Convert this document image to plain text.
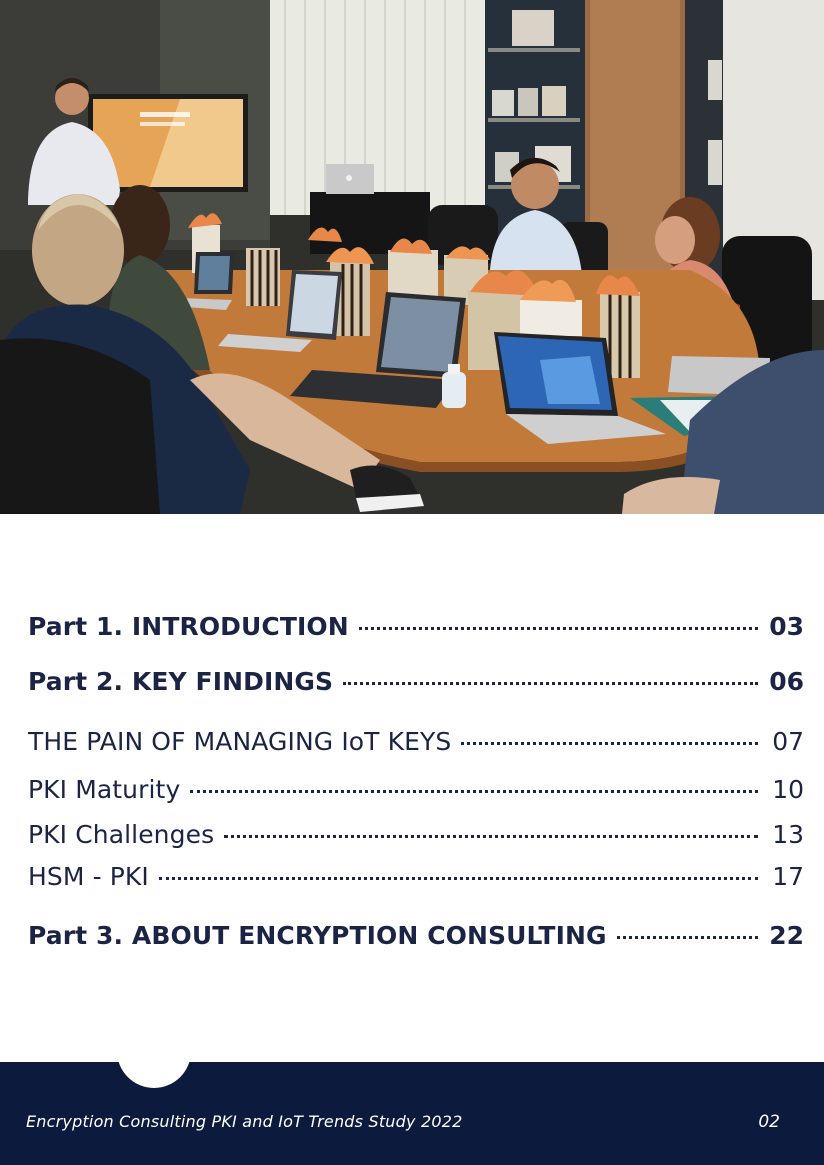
Part 1. INTRODUCTION	03
Part 2. KEY FINDINGS	06
THE PAIN OF MANAGING IoT KEYS	07
PKI Maturity	10
PKI Challenges	13
HSM - PKI	17
Part 3. ABOUT ENCRYPTION CONSULTING	22
Encryption Consulting PKI and IoT Trends Study 2022	02
